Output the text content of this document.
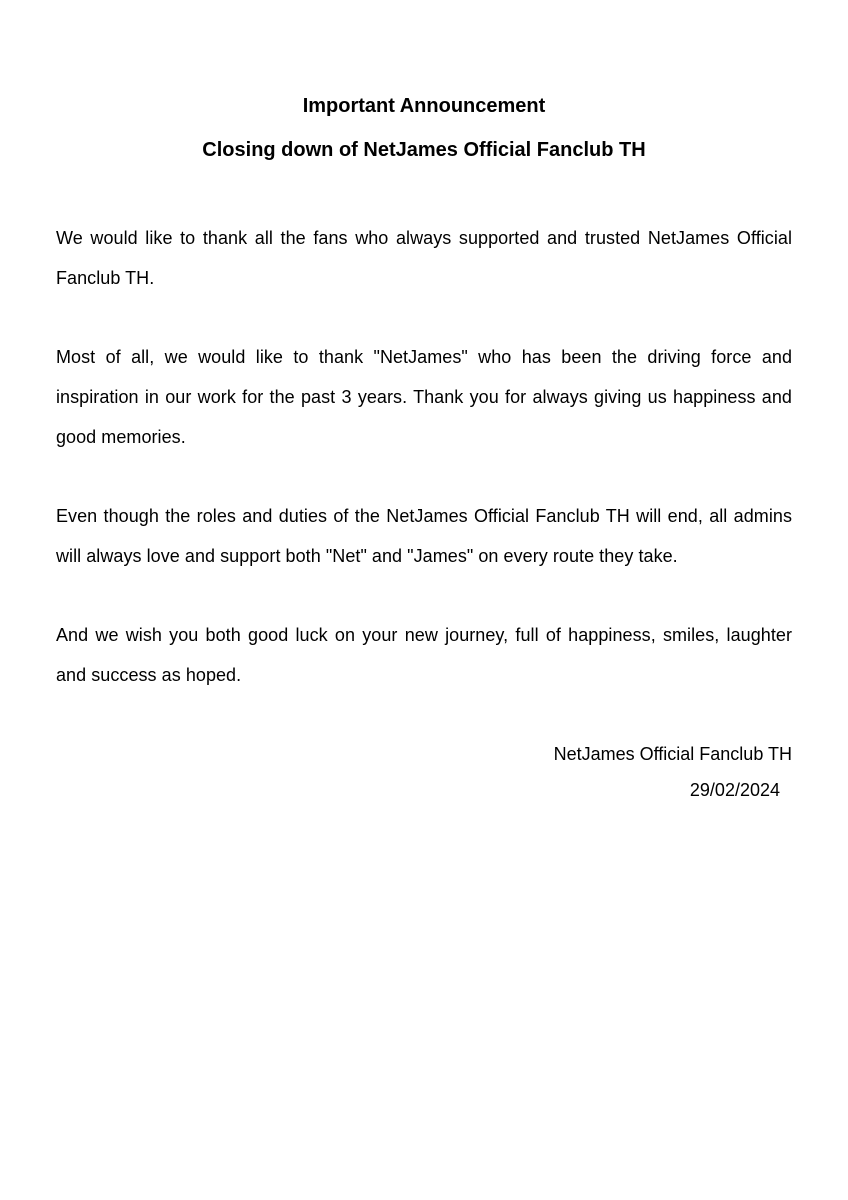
Important Announcement
Closing down of NetJames Official Fanclub TH

We would like to thank all the fans who always supported and trusted NetJames Official Fanclub TH.

Most of all, we would like to thank "NetJames" who has been the driving force and inspiration in our work for the past 3 years. Thank you for always giving us happiness and good memories.

Even though the roles and duties of the NetJames Official Fanclub TH will end, all admins will always love and support both "Net" and "James" on every route they take.

And we wish you both good luck on your new journey, full of happiness, smiles, laughter and success as hoped.

NetJames Official Fanclub TH
29/02/2024
